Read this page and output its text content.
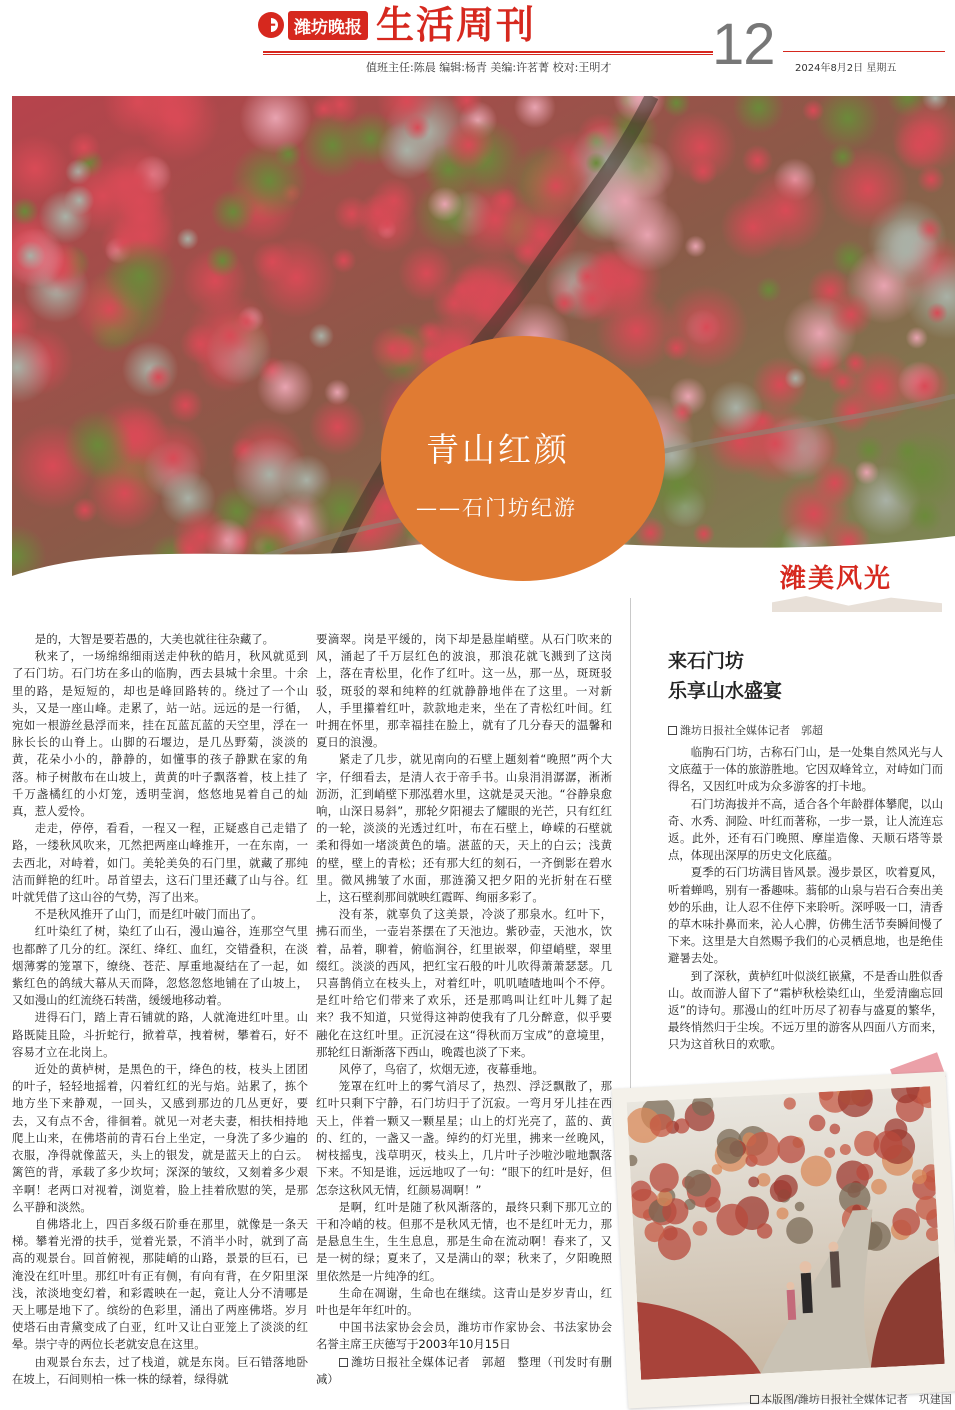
潍坊晚报 生活周刊
值班主任:陈晨 编辑:杨青 美编:许茗菁 校对:王明才 12 2024年8月2日 星期五
青山红颜
——石门坊纪游

是的，大智是要若愚的，大美也就往往杂藏了。

秋来了，一场绵绵细雨送走仲秋的皓月，秋风就觅到了石门坊。石门坊在多山的临朐，西去县城十余里。十余里的路，是短短的，却也是峰回路转的。绕过了一个山头，又是一座山峰。走累了，站一站。远远的是一行循，宛如一根游丝悬浮而来，挂在瓦蓝瓦蓝的天空里，浮在一脉长长的山脊上。山脚的石堰边，是几丛野菊，淡淡的黄，花朵小小的，静静的，如懂事的孩子静默在家的角落。柿子树散布在山坡上，黄黄的叶子飘落着，枝上挂了千万盏橘红的小灯笼，透明莹润，悠悠地晃着自己的灿真，惹人爱怜。

走走，停停，看看，一程又一程，正疑惑自己走错了路，一缕秋风吹来，兀然把两座山峰推开，一在东南，一去西北，对峙着，如门。美轮美奂的石门里，就藏了那纯洁而鲜艳的红叶。昂首望去，这石门里还藏了山与谷。红叶就凭借了这山谷的气势，泻了出来。

不是秋风推开了山门，而是红叶破门而出了。

红叶染红了树，染红了山石，漫山遍谷，连那空气里也都醉了几分的红。深红、绛红、血红，交错叠积，在淡烟薄雾的笼罩下，缭绕、苍茫、厚重地凝结在了一起，如紫红色的鸽绒大幕从天而降，忽悠忽悠地铺在了山坡上，又如漫山的红流绕石转凿，缓缓地移动着。

进得石门，踏上青石铺就的路，人就淹进红叶里。山路既陡且险，斗折蛇行，掀着草，拽着树，攀着石，好不容易才立在北岗上。

近处的黄栌树，是黑色的干，绛色的枝，枝头上团团的叶子，轻轻地摇着，闪着红红的光与焰。站累了，拣个地方坐下来静观，一回头，又感到那边的几丛更好，要去，又有点不舍，徘徊着。就见一对老夫妻，相扶相持地爬上山来，在佛塔前的青石台上坐定，一身洗了多少遍的衣服，净得就像蓝天，头上的银发，就是蓝天上的白云。篱笆的背，承载了多少坎坷；深深的皱纹，又刻着多少艰辛啊！老两口对视着，浏览着，脸上挂着欣慰的笑，是那么平静和淡然。

自佛塔北上，四百多级石阶垂在那里，就像是一条天梯。攀着光滑的扶手，觉着光景，不消半小时，就到了高高的观景台。回首俯视，那陡峭的山路，景景的巨石，已淹没在红叶里。那红叶有正有侧，有向有背，在夕阳里深浅，浓淡地变幻着，和彩霞映在一起，竟让人分不清哪是天上哪是地下了。缤纷的色彩里，涌出了两座佛塔。岁月使塔石由青黛变成了白亚，红叶又让白亚笼上了淡淡的红晕。崇宁寺的两位长老就安息在这里。

由观景台东去，过了栈道，就是东岗。巨石错落地卧在坡上，石间则柏一株一株的绿着，绿得就

要滴翠。岗是平缓的，岗下却是悬崖峭壁。从石门吹来的风，涌起了千万层红色的波浪，那浪花就飞溅到了这岗上，落在青松里，化作了红叶。这一丛，那一丛，斑斑驳驳，斑驳的翠和纯粹的红就静静地伴在了这里。一对新人，手里攥着红叶，款款地走来，坐在了青松红叶间。红叶拥在怀里，那幸福挂在脸上，就有了几分春天的温馨和夏日的浪漫。

紧走了几步，就见南向的石壁上题刻着“晚照”两个大字，仔细看去，是清人衣于帝手书。山泉涓涓潺潺，淅淅沥沥，汇到峭壁下那泓碧水里，这就是灵天池。“谷静泉愈响，山深日易斜”，那轮夕阳褪去了耀眼的光芒，只有红红的一轮，淡淡的光透过红叶，布在石壁上，峥嵘的石壁就柔和得如一堵淡黄色的墙。湛蓝的天，天上的白云；浅黄的壁，壁上的青松；还有那大红的刻石，一齐倒影在碧水里。微风拂皱了水面，那涟漪又把夕阳的光折射在石壁上，这石壁刹那间就映红霞晖、绚丽多彩了。

没有茶，就辜负了这美景，冷淡了那泉水。红叶下，拂石而坐，一壶岩茶摆在了天池边。紫砂壶，天池水，饮着，品着，聊着，俯临涧谷，红里嵌翠，仰望峭壁，翠里缀红。淡淡的西风，把红宝石般的叶儿吹得萧萧瑟瑟。几只喜鹊俏立在枝头上，对着红叶，叽叽喳喳地叫个不停。是红叶给它们带来了欢乐，还是那鸣叫让红叶儿舞了起来？我不知道，只觉得这神韵使我有了几分醉意，似乎要融化在这红叶里。正沉浸在这“得秋而万宝成”的意境里，那轮红日渐渐落下西山，晚霞也淡了下来。

风停了，鸟宿了，炊烟无迹，夜幕垂地。

笼罩在红叶上的雾气消尽了，热烈、浮泛飘散了，那红叶只剩下宁静，石门坊归于了沉寂。一弯月牙儿挂在西天上，伴着一颗又一颗星星；山上的灯光亮了，蓝的、黄的、红的，一盏又一盏。绰约的灯光里，拂来一丝晚风，树枝摇曳，浅草明灭，枝头上，几片叶子沙啦沙啦地飘落下来。不知是谁，远远地叹了一句：“眼下的红叶是好，但怎奈这秋风无情，红颜易凋啊！”

是啊，红叶是随了秋风渐落的，最终只剩下那兀立的干和冷峭的枝。但那不是秋风无情，也不是红叶无力，那是悬息生生，生生息息，那是生命在流动啊！春来了，又是一树的绿；夏来了，又是满山的翠；秋来了，夕阳晚照里依然是一片纯净的红。

生命在凋谢，生命也在继续。这青山是岁岁青山，红叶也是年年红叶的。

中国书法家协会会员，潍坊市作家协会、书法家协会名誉主席王庆德写于2003年10月15日

潍坊日报社全媒体记者　郭超　整理（刊发时有删减）

潍美风光
来石门坊
乐享山水盛宴
潍坊日报社全媒体记者　郭超

临朐石门坊，古称石门山，是一处集自然风光与人文底蕴于一体的旅游胜地。它因双峰耸立，对峙如门而得名，又因红叶成为众多游客的打卡地。

石门坊海拔并不高，适合各个年龄群体攀爬，以山奇、水秀、洞险、叶红而著称，一步一景，让人流连忘返。此外，还有石门晚照、摩崖造像、天顺石塔等景点，体现出深厚的历史文化底蕴。

夏季的石门坊满目皆风景。漫步景区，吹着夏风，听着蝉鸣，别有一番趣味。蓊郁的山泉与岩石合奏出美妙的乐曲，让人忍不住停下来聆听。深呼吸一口，清香的草木味扑鼻而来，沁人心脾，仿佛生活节奏瞬间慢了下来。这里是大自然赐予我们的心灵栖息地，也是绝佳避暑去处。

到了深秋，黄栌红叶似淡红嵌黛，不是香山胜似香山。故而游人留下了“霜栌秋桧染红山，坐爱清幽忘回返”的诗句。那漫山的红叶历尽了初春与盛夏的繁华，最终悄然归于尘埃。不远万里的游客从四面八方而来，只为这首秋日的欢歌。

本版图/潍坊日报社全媒体记者　巩建国
